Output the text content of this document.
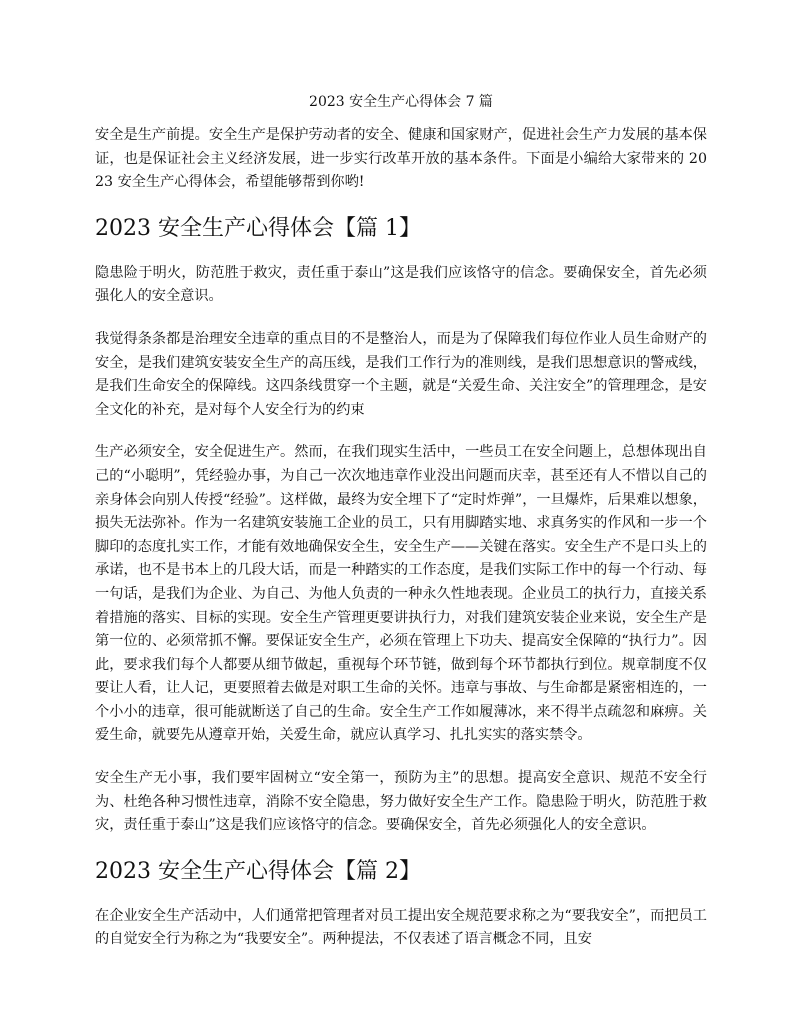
2023 安全生产心得体会 7 篇

安全是生产前提。安全生产是保护劳动者的安全、健康和国家财产，促进社会生产力发展的基本保证，也是保证社会主义经济发展，进一步实行改革开放的基本条件。下面是小编给大家带来的 2023 安全生产心得体会，希望能够帮到你哟!

2023 安全生产心得体会【篇 1】

隐患险于明火，防范胜于救灾，责任重于泰山”这是我们应该恪守的信念。要确保安全，首先必须强化人的安全意识。

我觉得条条都是治理安全违章的重点目的不是整治人，而是为了保障我们每位作业人员生命财产的安全，是我们建筑安装安全生产的高压线，是我们工作行为的准则线，是我们思想意识的警戒线，是我们生命安全的保障线。这四条线贯穿一个主题，就是“关爱生命、关注安全”的管理理念，是安全文化的补充，是对每个人安全行为的约束

生产必须安全，安全促进生产。然而，在我们现实生活中，一些员工在安全问题上，总想体现出自己的“小聪明”，凭经验办事，为自己一次次地违章作业没出问题而庆幸，甚至还有人不惜以自己的亲身体会向别人传授“经验”。这样做，最终为安全埋下了“定时炸弹”，一旦爆炸，后果难以想象，损失无法弥补。作为一名建筑安装施工企业的员工，只有用脚踏实地、求真务实的作风和一步一个脚印的态度扎实工作，才能有效地确保安全生，安全生产——关键在落实。安全生产不是口头上的承诺，也不是书本上的几段大话，而是一种踏实的工作态度，是我们实际工作中的每一个行动、每一句话，是我们为企业、为自己、为他人负责的一种永久性地表现。企业员工的执行力，直接关系着措施的落实、目标的实现。安全生产管理更要讲执行力，对我们建筑安装企业来说，安全生产是第一位的、必须常抓不懈。要保证安全生产，必须在管理上下功夫、提高安全保障的“执行力”。因此，要求我们每个人都要从细节做起，重视每个环节链，做到每个环节都执行到位。规章制度不仅要让人看，让人记，更要照着去做是对职工生命的关怀。违章与事故、与生命都是紧密相连的，一个小小的违章，很可能就断送了自己的生命。安全生产工作如履薄冰，来不得半点疏忽和麻痹。关爱生命，就要先从遵章开始，关爱生命，就应认真学习、扎扎实实的落实禁令。

安全生产无小事，我们要牢固树立“安全第一，预防为主”的思想。提高安全意识、规范不安全行为、杜绝各种习惯性违章，消除不安全隐患，努力做好安全生产工作。隐患险于明火，防范胜于救灾，责任重于泰山”这是我们应该恪守的信念。要确保安全，首先必须强化人的安全意识。

2023 安全生产心得体会【篇 2】

在企业安全生产活动中，人们通常把管理者对员工提出安全规范要求称之为“要我安全”，而把员工的自觉安全行为称之为“我要安全”。两种提法，不仅表述了语言概念不同，且安
